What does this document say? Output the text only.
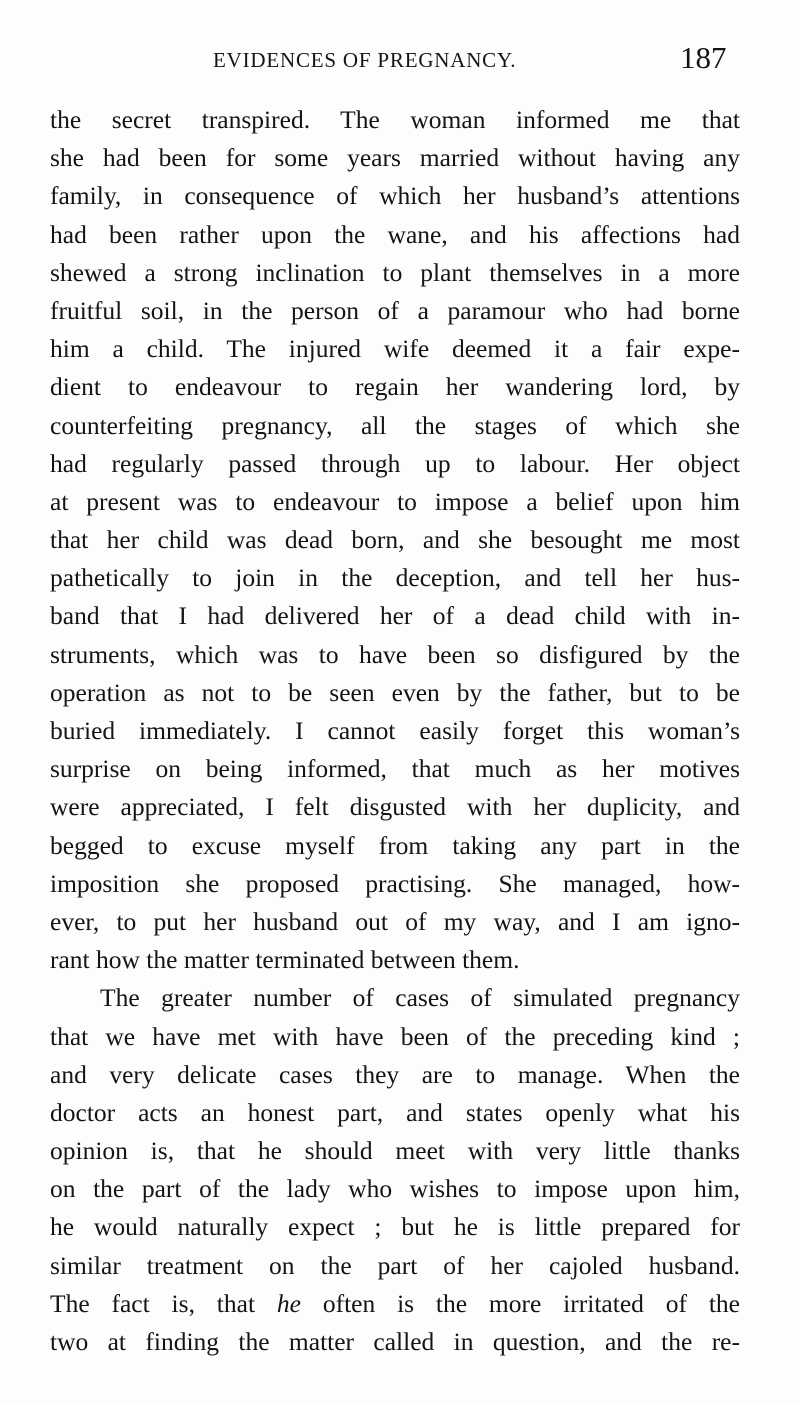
EVIDENCES OF PREGNANCY.	187
the secret transpired. The woman informed me that
she had been for some years married without having any
family, in consequence of which her husband’s attentions
had been rather upon the wane, and his affections had
shewed a strong inclination to plant themselves in a more
fruitful soil, in the person of a paramour who had borne
him a child. The injured wife deemed it a fair expe-
dient to endeavour to regain her wandering lord, by
counterfeiting pregnancy, all the stages of which she
had regularly passed through up to labour. Her object
at present was to endeavour to impose a belief upon him
that her child was dead born, and she besought me most
pathetically to join in the deception, and tell her hus-
band that I had delivered her of a dead child with in-
struments, which was to have been so disfigured by the
operation as not to be seen even by the father, but to be
buried immediately. I cannot easily forget this woman’s
surprise on being informed, that much as her motives
were appreciated, I felt disgusted with her duplicity, and
begged to excuse myself from taking any part in the
imposition she proposed practising. She managed, how-
ever, to put her husband out of my way, and I am igno-
rant how the matter terminated between them.
The greater number of cases of simulated pregnancy
that we have met with have been of the preceding kind ;
and very delicate cases they are to manage. When the
doctor acts an honest part, and states openly what his
opinion is, that he should meet with very little thanks
on the part of the lady who wishes to impose upon him,
he would naturally expect ; but he is little prepared for
similar treatment on the part of her cajoled husband.
The fact is, that he often is the more irritated of the
two at finding the matter called in question, and the re-
